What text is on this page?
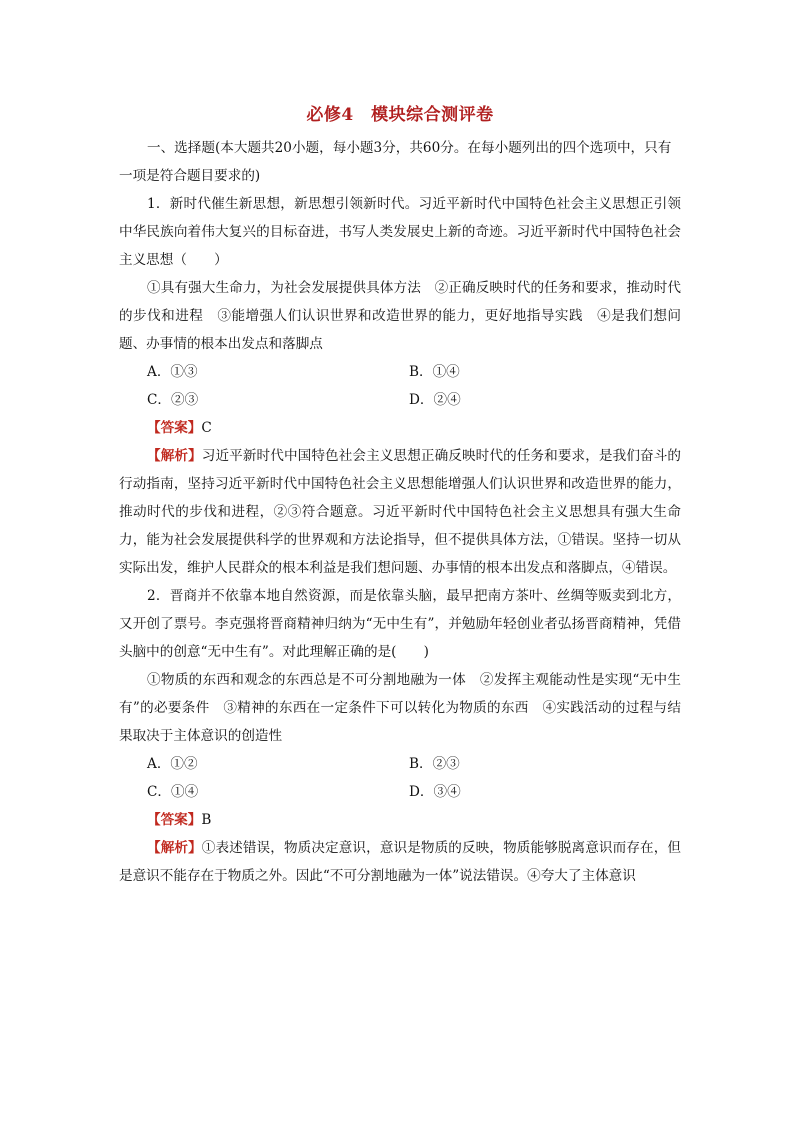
必修4　模块综合测评卷

一、选择题(本大题共20小题，每小题3分，共60分。在每小题列出的四个选项中，只有一项是符合题目要求的)

1．新时代催生新思想，新思想引领新时代。习近平新时代中国特色社会主义思想正引领中华民族向着伟大复兴的目标奋进，书写人类发展史上新的奇迹。习近平新时代中国特色社会主义思想（　　）

①具有强大生命力，为社会发展提供具体方法　②正确反映时代的任务和要求，推动时代的步伐和进程　③能增强人们认识世界和改造世界的能力，更好地指导实践　④是我们想问题、办事情的根本出发点和落脚点

A．①③	B．①④
C．②③	D．②④

【答案】C

【解析】习近平新时代中国特色社会主义思想正确反映时代的任务和要求，是我们奋斗的行动指南，坚持习近平新时代中国特色社会主义思想能增强人们认识世界和改造世界的能力，推动时代的步伐和进程，②③符合题意。习近平新时代中国特色社会主义思想具有强大生命力，能为社会发展提供科学的世界观和方法论指导，但不提供具体方法，①错误。坚持一切从实际出发，维护人民群众的根本利益是我们想问题、办事情的根本出发点和落脚点，④错误。

2．晋商并不依靠本地自然资源，而是依靠头脑，最早把南方茶叶、丝绸等贩卖到北方，又开创了票号。李克强将晋商精神归纳为“无中生有”，并勉励年轻创业者弘扬晋商精神，凭借头脑中的创意“无中生有”。对此理解正确的是(　　)

①物质的东西和观念的东西总是不可分割地融为一体　②发挥主观能动性是实现“无中生有”的必要条件　③精神的东西在一定条件下可以转化为物质的东西　④实践活动的过程与结果取决于主体意识的创造性

A．①②	B．②③
C．①④	D．③④

【答案】B

【解析】①表述错误，物质决定意识，意识是物质的反映，物质能够脱离意识而存在，但是意识不能存在于物质之外。因此“不可分割地融为一体”说法错误。④夸大了主体意识
